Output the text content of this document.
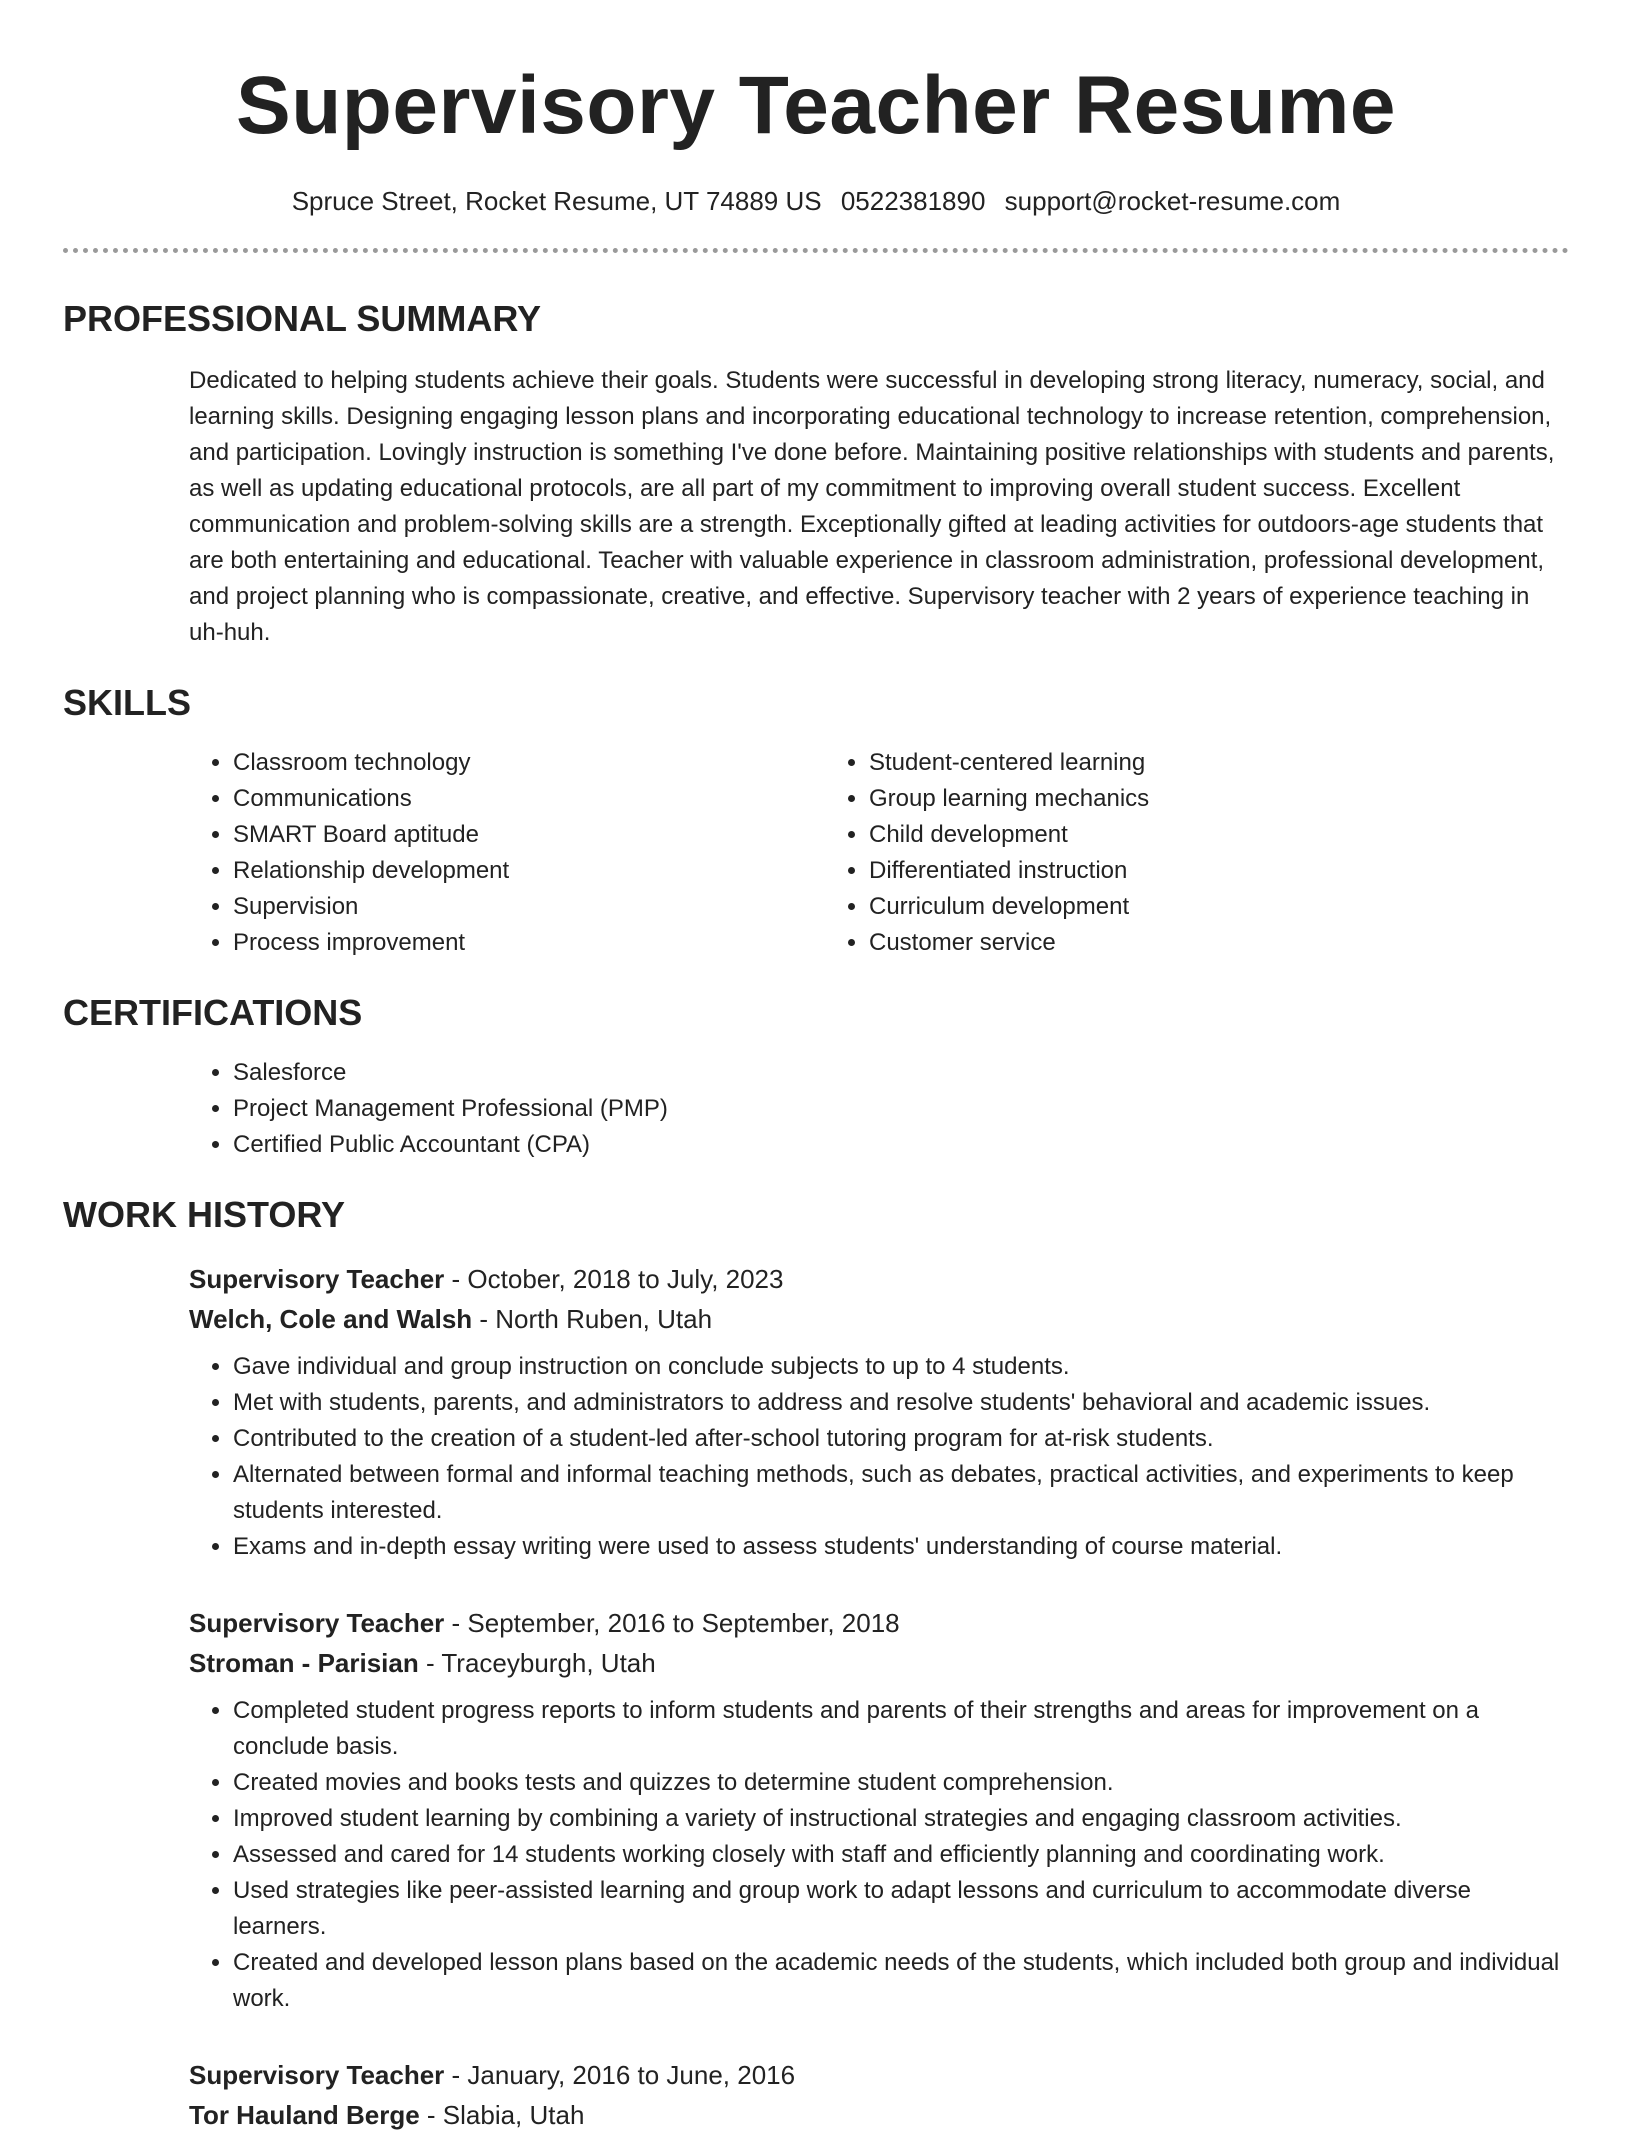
Supervisory Teacher Resume
Spruce Street, Rocket Resume, UT 74889 US 0522381890 support@rocket-resume.com
PROFESSIONAL SUMMARY

Dedicated to helping students achieve their goals. Students were successful in developing strong literacy, numeracy, social, and learning skills. Designing engaging lesson plans and incorporating educational technology to increase retention, comprehension, and participation. Lovingly instruction is something I've done before. Maintaining positive relationships with students and parents, as well as updating educational protocols, are all part of my commitment to improving overall student success. Excellent communication and problem-solving skills are a strength. Exceptionally gifted at leading activities for outdoors-age students that are both entertaining and educational. Teacher with valuable experience in classroom administration, professional development, and project planning who is compassionate, creative, and effective. Supervisory teacher with 2 years of experience teaching in uh-huh.

SKILLS
• Classroom technology
• Communications
• SMART Board aptitude
• Relationship development
• Supervision
• Process improvement
• Student-centered learning
• Group learning mechanics
• Child development
• Differentiated instruction
• Curriculum development
• Customer service
CERTIFICATIONS
• Salesforce
• Project Management Professional (PMP)
• Certified Public Accountant (CPA)
WORK HISTORY
Supervisory Teacher - October, 2018 to July, 2023
Welch, Cole and Walsh - North Ruben, Utah
• Gave individual and group instruction on conclude subjects to up to 4 students.
• Met with students, parents, and administrators to address and resolve students' behavioral and academic issues.
• Contributed to the creation of a student-led after-school tutoring program for at-risk students.
• Alternated between formal and informal teaching methods, such as debates, practical activities, and experiments to keep students interested.
• Exams and in-depth essay writing were used to assess students' understanding of course material.
Supervisory Teacher - September, 2016 to September, 2018
Stroman - Parisian - Traceyburgh, Utah
• Completed student progress reports to inform students and parents of their strengths and areas for improvement on a conclude basis.
• Created movies and books tests and quizzes to determine student comprehension.
• Improved student learning by combining a variety of instructional strategies and engaging classroom activities.
• Assessed and cared for 14 students working closely with staff and efficiently planning and coordinating work.
• Used strategies like peer-assisted learning and group work to adapt lessons and curriculum to accommodate diverse learners.
• Created and developed lesson plans based on the academic needs of the students, which included both group and individual work.
Supervisory Teacher - January, 2016 to June, 2016
Tor Hauland Berge - Slabia, Utah
